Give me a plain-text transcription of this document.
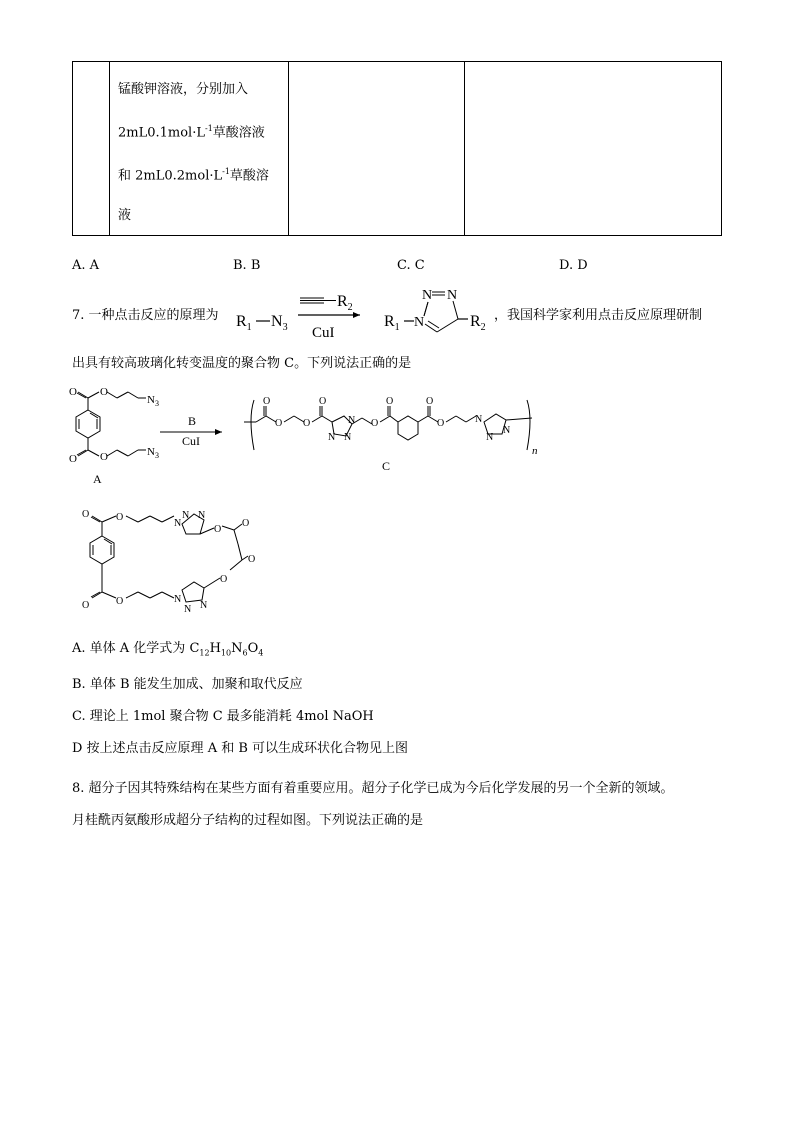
锰酸钾溶液，分别加入
$2mL0.1mol\cdot L^{-1}$草酸溶液
和 $2mL0.2mol\cdot L^{-1}$草酸溶
液

A. A	B. B	C. C	D. D
7. 一种点击反应的原理为 $R_1$ $N_3$
$R_2$
CuI
$R_1$ N
N N
$R_2$
，我国科学家利用点击反应原理研制
出具有较高玻璃化转变温度的聚合物 C。下列说法正确的是
O O
$N_3$
O O	$N_3$
A
B
CuI
O
O O
O
N N
N O
O	O
O	N
N
N
n
C
O	O
N
N N
O
O
O
O
O	O	N
N N
A. 单体 A 化学式为 $C_{12}H_{10}N_6O_4$
B. 单体 B 能发生加成、加聚和取代反应
C. 理论上 1mol 聚合物 C 最多能消耗 4mol NaOH
D 按上述点击反应原理 A 和 B 可以生成环状化合物见上图
8. 超分子因其特殊结构在某些方面有着重要应用。超分子化学已成为今后化学发展的另一个全新的领域。
月桂酰丙氨酸形成超分子结构的过程如图。下列说法正确的是
